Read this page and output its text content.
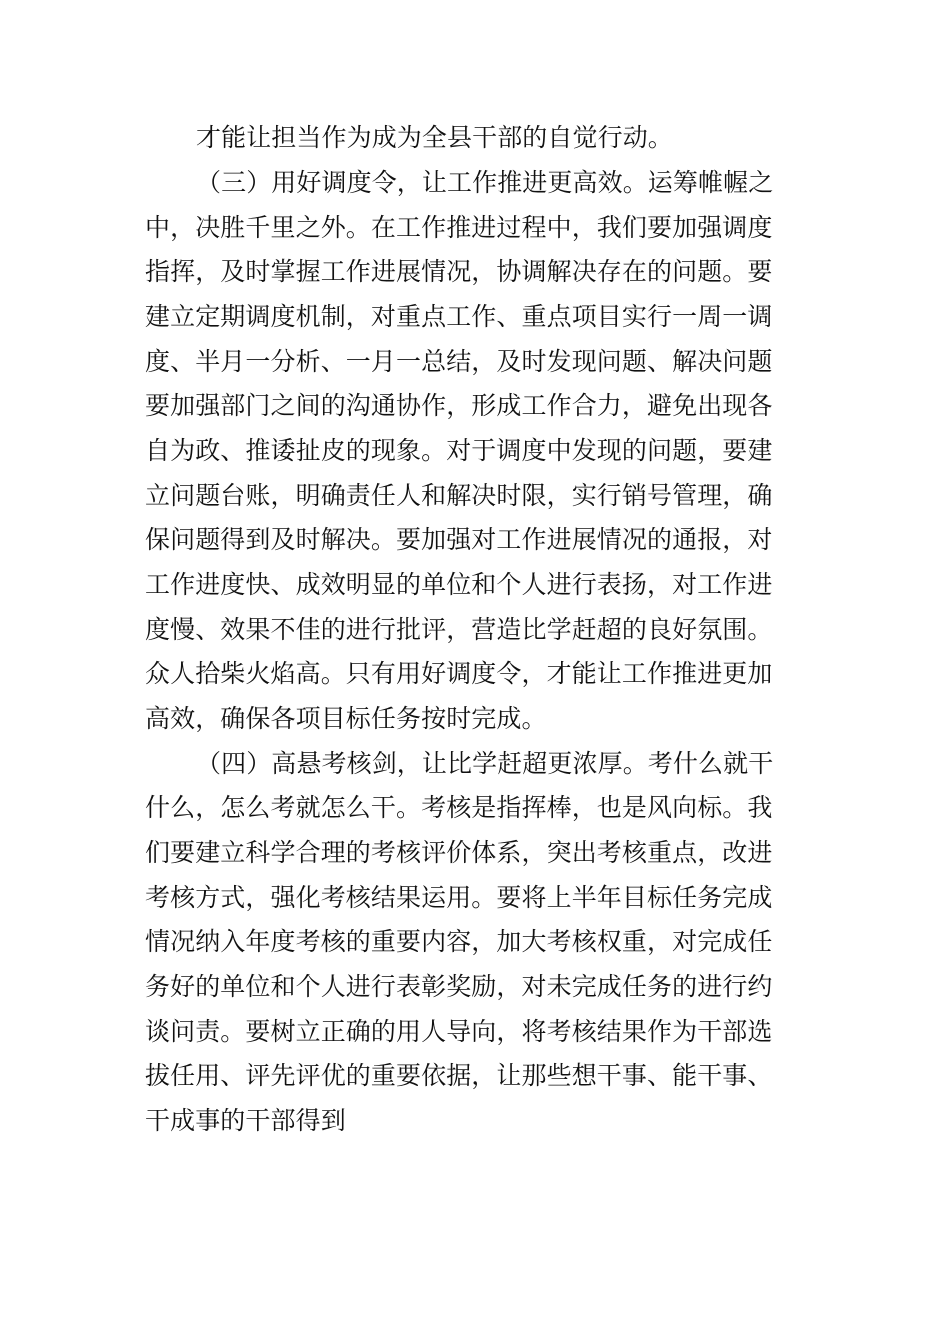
才能让担当作为成为全县干部的自觉行动。

（三）用好调度令，让工作推进更高效。运筹帷幄之

中，决胜千里之外。在工作推进过程中，我们要加强调度

指挥，及时掌握工作进展情况，协调解决存在的问题。要

建立定期调度机制，对重点工作、重点项目实行一周一调

度、半月一分析、一月一总结，及时发现问题、解决问题

要加强部门之间的沟通协作，形成工作合力，避免出现各

自为政、推诿扯皮的现象。对于调度中发现的问题，要建

立问题台账，明确责任人和解决时限，实行销号管理，确

保问题得到及时解决。要加强对工作进展情况的通报，对

工作进度快、成效明显的单位和个人进行表扬，对工作进

度慢、效果不佳的进行批评，营造比学赶超的良好氛围。

众人拾柴火焰高。只有用好调度令，才能让工作推进更加

高效，确保各项目标任务按时完成。

（四）高悬考核剑，让比学赶超更浓厚。考什么就干

什么，怎么考就怎么干。考核是指挥棒，也是风向标。我

们要建立科学合理的考核评价体系，突出考核重点，改进

考核方式，强化考核结果运用。要将上半年目标任务完成

情况纳入年度考核的重要内容，加大考核权重，对完成任

务好的单位和个人进行表彰奖励，对未完成任务的进行约

谈问责。要树立正确的用人导向，将考核结果作为干部选

拔任用、评先评优的重要依据，让那些想干事、能干事、

干成事的干部得到
